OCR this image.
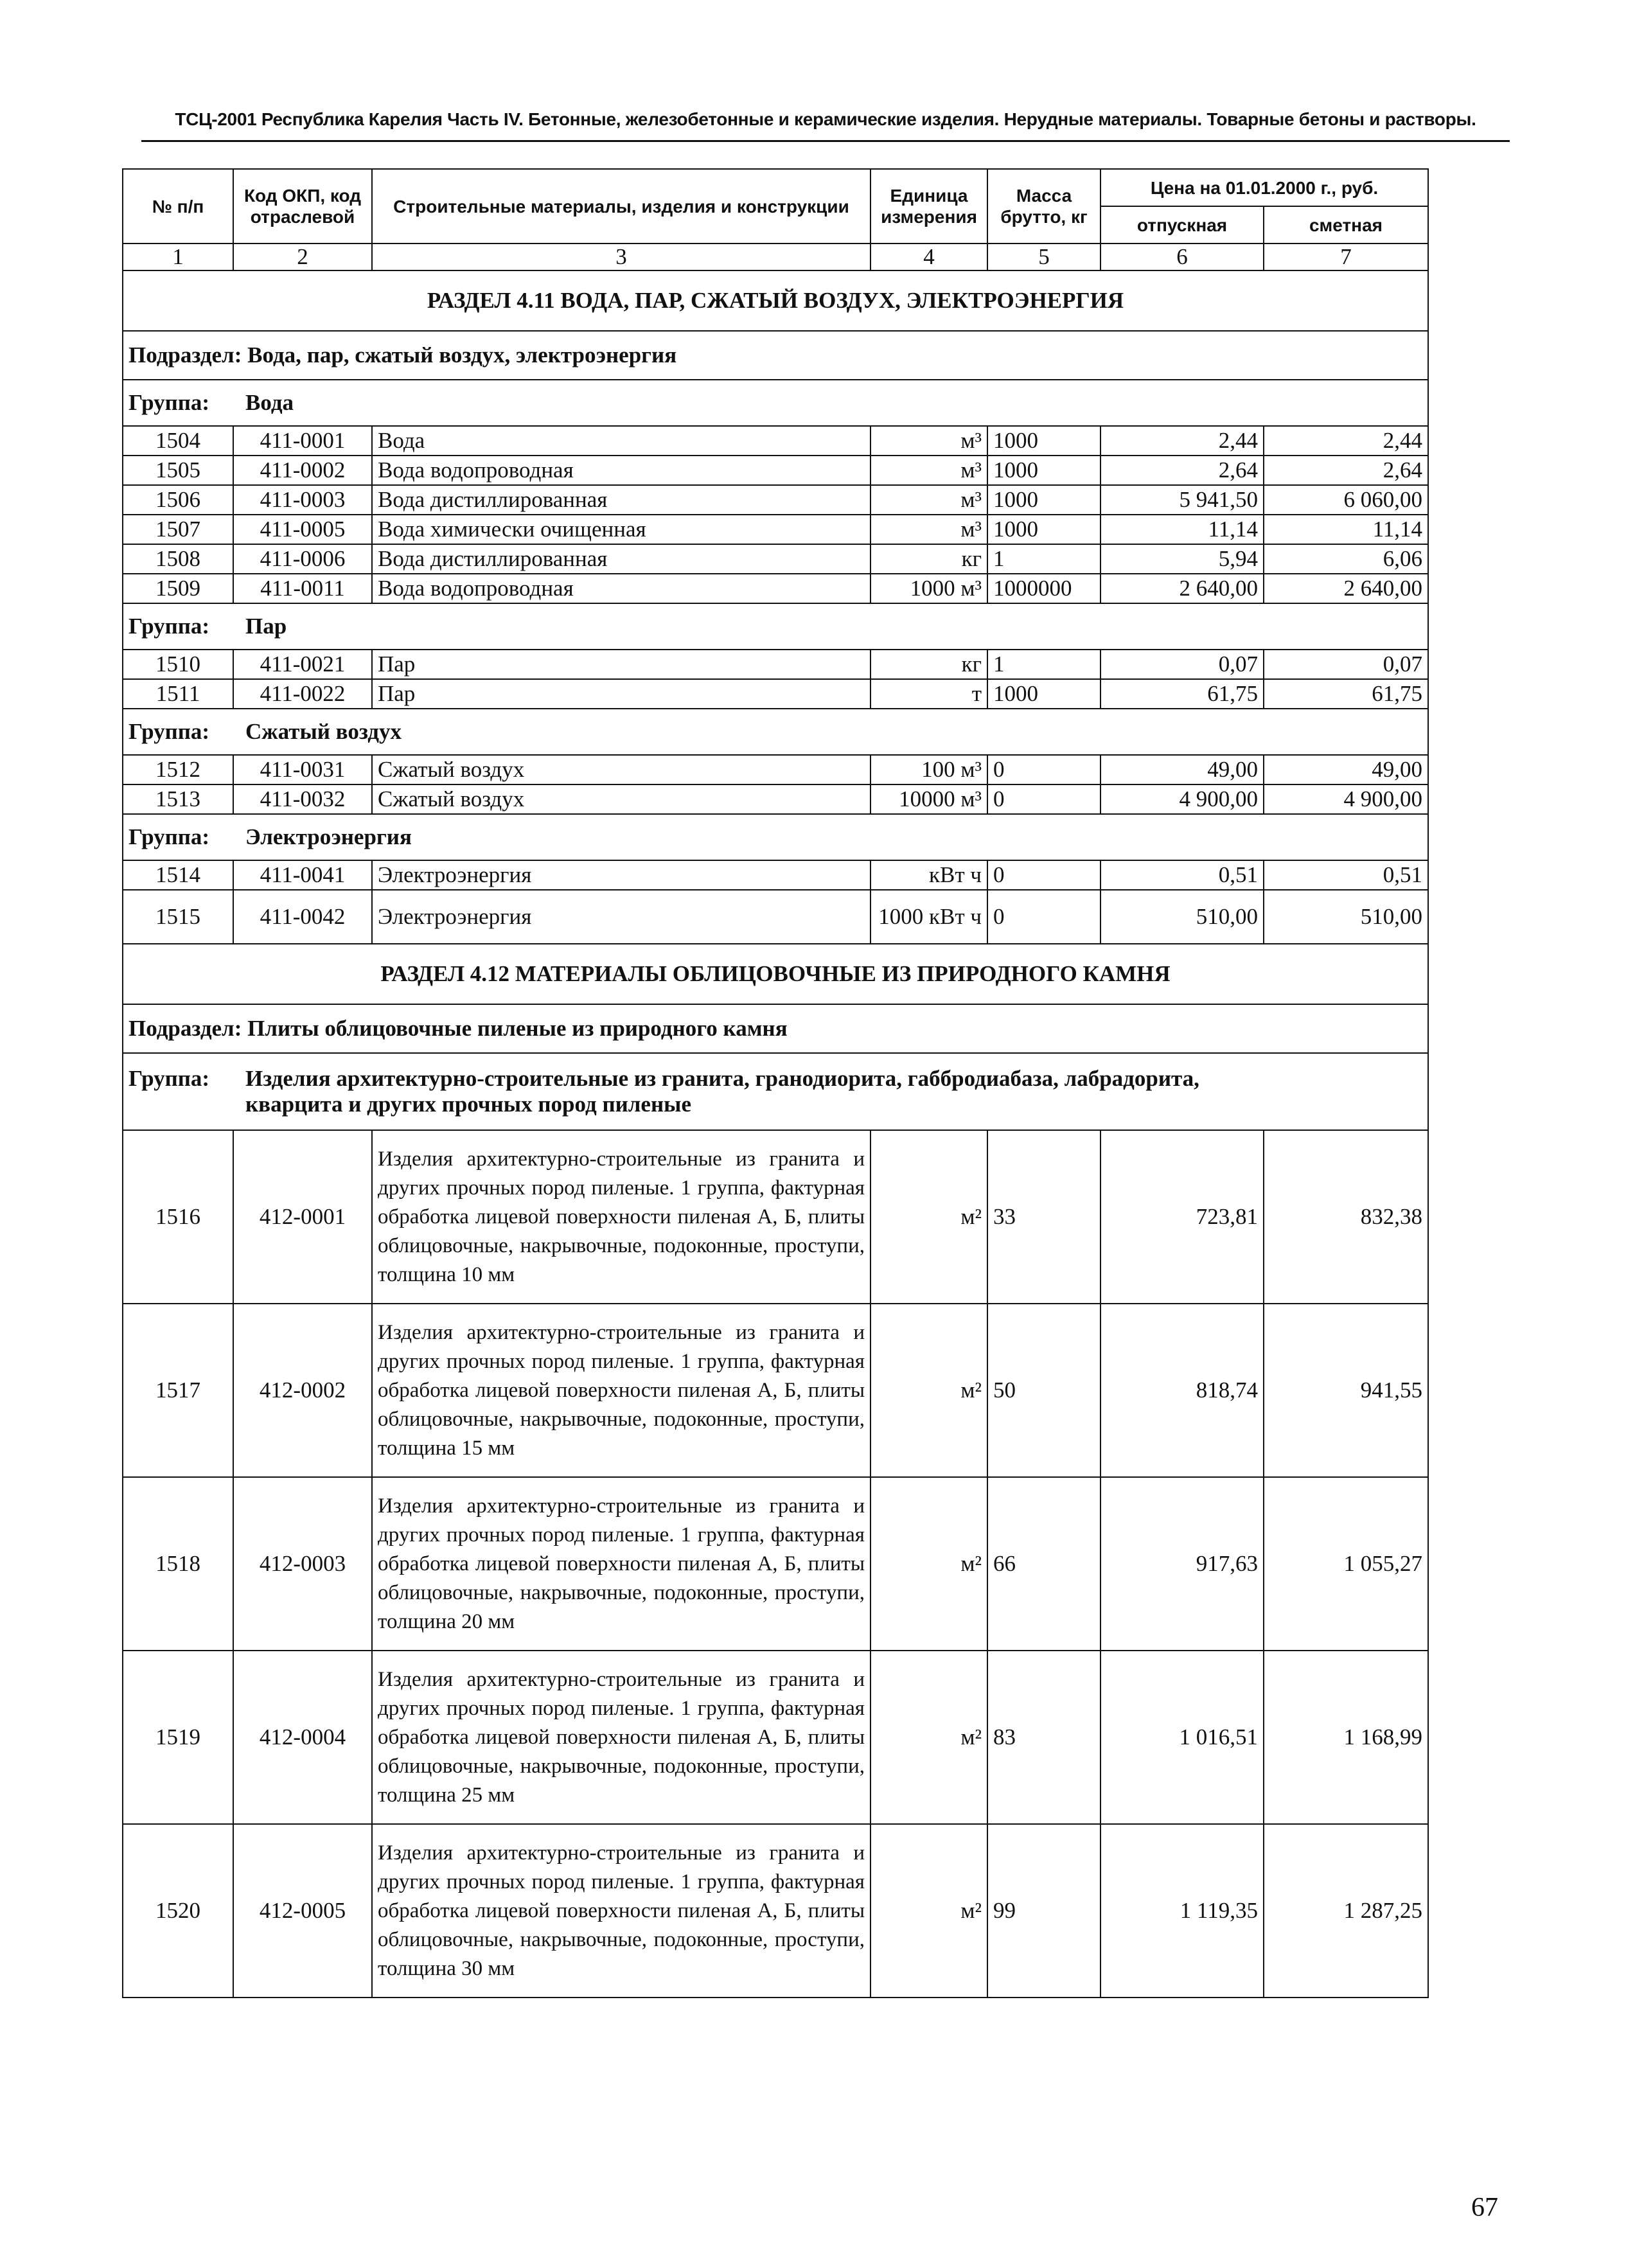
ТСЦ-2001 Республика Карелия Часть IV. Бетонные, железобетонные и керамические изделия. Нерудные материалы. Товарные бетоны и растворы.
№ п/п	Код ОКП, код отраслевой	Строительные материалы, изделия и конструкции	Единица измерения	Масса брутто, кг	Цена на 01.01.2000 г., руб.	
					отпускная	сметная
1	2	3	4	5	6	7
РАЗДЕЛ 4.11 ВОДА, ПАР, СЖАТЫЙ ВОЗДУХ, ЭЛЕКТРОЭНЕРГИЯ						
Подраздел: Вода, пар, сжатый воздух, электроэнергия						
Группа: Вода						
1504	411-0001	Вода	м³	1000	2,44	2,44
1505	411-0002	Вода водопроводная	м³	1000	2,64	2,64
1506	411-0003	Вода дистиллированная	м³	1000	5 941,50	6 060,00
1507	411-0005	Вода химически очищенная	м³	1000	11,14	11,14
1508	411-0006	Вода дистиллированная	кг	1	5,94	6,06
1509	411-0011	Вода водопроводная	1000 м³	1000000	2 640,00	2 640,00
Группа: Пар						
1510	411-0021	Пар	кг	1	0,07	0,07
1511	411-0022	Пар	т	1000	61,75	61,75
Группа: Сжатый воздух						
1512	411-0031	Сжатый воздух	100 м³	0	49,00	49,00
1513	411-0032	Сжатый воздух	10000 м³	0	4 900,00	4 900,00
Группа: Электроэнергия						
1514	411-0041	Электроэнергия	кВт ч	0	0,51	0,51
1515	411-0042	Электроэнергия	1000 кВт ч	0	510,00	510,00
РАЗДЕЛ 4.12 МАТЕРИАЛЫ ОБЛИЦОВОЧНЫЕ ИЗ ПРИРОДНОГО КАМНЯ						
Подраздел: Плиты облицовочные пиленые из природного камня						
Группа: Изделия архитектурно-строительные из гранита, гранодиорита, габбродиабаза, лабрадорита, кварцита и других прочных пород пиленые						
1516	412-0001	Изделия архитектурно-строительные из гранита и других прочных пород пиленые. 1 группа, фактурная обработка лицевой поверхности пиленая А, Б, плиты облицовочные, накрывочные, подоконные, проступи, толщина 10 мм	м²	33	723,81	832,38
1517	412-0002	Изделия архитектурно-строительные из гранита и других прочных пород пиленые. 1 группа, фактурная обработка лицевой поверхности пиленая А, Б, плиты облицовочные, накрывочные, подоконные, проступи, толщина 15 мм	м²	50	818,74	941,55
1518	412-0003	Изделия архитектурно-строительные из гранита и других прочных пород пиленые. 1 группа, фактурная обработка лицевой поверхности пиленая А, Б, плиты облицовочные, накрывочные, подоконные, проступи, толщина 20 мм	м²	66	917,63	1 055,27
1519	412-0004	Изделия архитектурно-строительные из гранита и других прочных пород пиленые. 1 группа, фактурная обработка лицевой поверхности пиленая А, Б, плиты облицовочные, накрывочные, подоконные, проступи, толщина 25 мм	м²	83	1 016,51	1 168,99
1520	412-0005	Изделия архитектурно-строительные из гранита и других прочных пород пиленые. 1 группа, фактурная обработка лицевой поверхности пиленая А, Б, плиты облицовочные, накрывочные, подоконные, проступи, толщина 30 мм	м²	99	1 119,35	1 287,25
67
